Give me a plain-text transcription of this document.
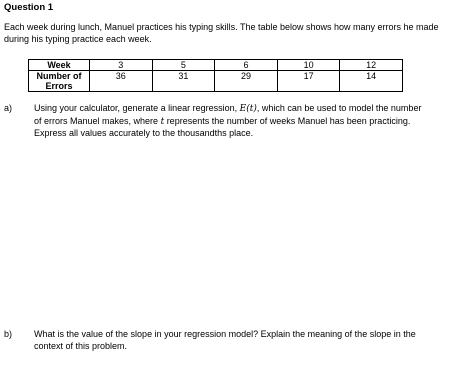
Question 1
Each week during lunch, Manuel practices his typing skills. The table below shows how many errors he made during his typing practice each week.
Week	3	5	6	10	12
Number of Errors	36	31	29	17	14
a) Using your calculator, generate a linear regression, E(t), which can be used to model the number of errors Manuel makes, where t represents the number of weeks Manuel has been practicing. Express all values accurately to the thousandths place.
b) What is the value of the slope in your regression model? Explain the meaning of the slope in the context of this problem.
